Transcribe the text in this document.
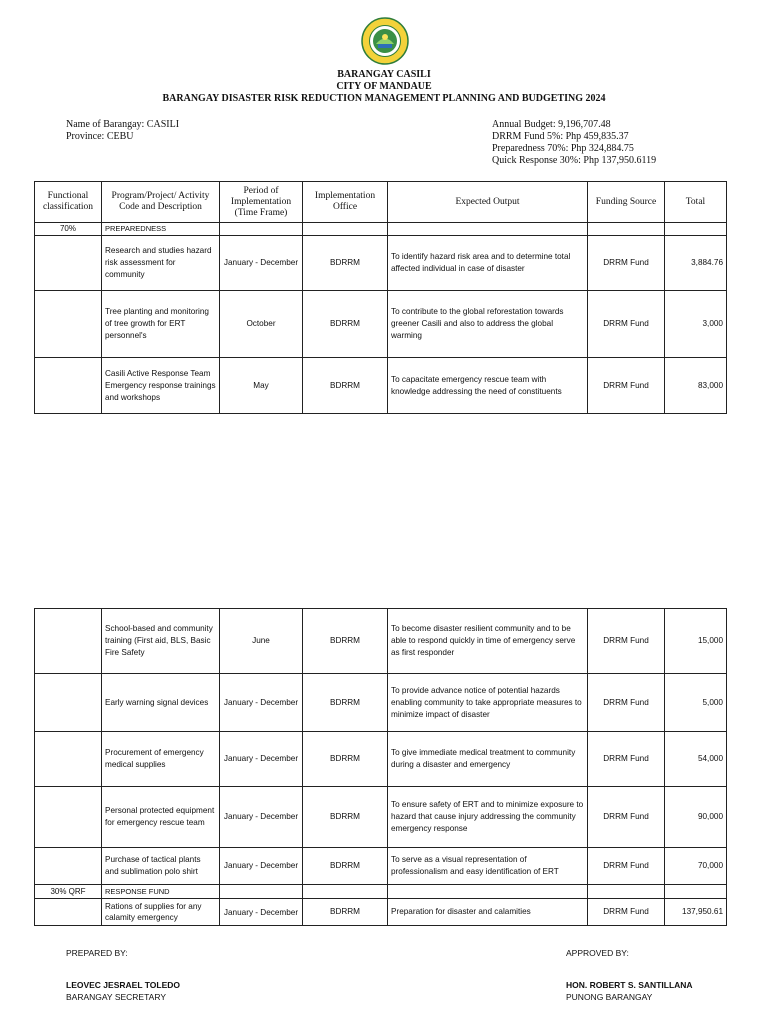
BARANGAY CASILI
CITY OF MANDAUE
BARANGAY DISASTER RISK REDUCTION MANAGEMENT PLANNING AND BUDGETING 2024
Name of Barangay: CASILI
Province: CEBU
Annual Budget: 9,196,707.48
DRRM Fund 5%: Php 459,835.37
Preparedness 70%: Php 324,884.75
Quick Response 30%: Php 137,950.6119
Functional classification	Program/Project/ Activity Code and Description	Period of Implementation (Time Frame)	Implementation Office	Expected Output	Funding Source	Total
70%	PREPAREDNESS					
	Research and studies hazard risk assessment for community	January - December	BDRRM	To identify hazard risk area and to determine total affected individual in case of disaster	DRRM Fund	3,884.76
	Tree planting and monitoring of tree growth for ERT personnel's	October	BDRRM	To contribute to the global reforestation towards greener Casili and also to address the global warming	DRRM Fund	3,000
	Casili Active Response Team Emergency response trainings and workshops	May	BDRRM	To capacitate emergency rescue team with knowledge addressing the need of constituents	DRRM Fund	83,000
	School-based and community training (First aid, BLS, Basic Fire Safety	June	BDRRM	To become disaster resilient community and to be able to respond quickly in time of emergency serve as first responder	DRRM Fund	15,000
	Early warning signal devices	January - December	BDRRM	To provide advance notice of potential hazards enabling community to take appropriate measures to minimize impact of disaster	DRRM Fund	5,000
	Procurement of emergency medical supplies	January - December	BDRRM	To give immediate medical treatment to community during a disaster and emergency	DRRM Fund	54,000
	Personal protected equipment for emergency rescue team	January - December	BDRRM	To ensure safety of ERT and to minimize exposure to hazard that cause injury addressing the community emergency response	DRRM Fund	90,000
	Purchase of tactical plants and sublimation polo shirt	January - December	BDRRM	To serve as a visual representation of professionalism and easy identification of ERT	DRRM Fund	70,000
30% QRF	RESPONSE FUND					
	Rations of supplies for any calamity emergency	January - December	BDRRM	Preparation for disaster and calamities	DRRM Fund	137,950.61
PREPARED BY:
LEOVEC JESRAEL TOLEDO
BARANGAY SECRETARY
APPROVED BY:
HON. ROBERT S. SANTILLANA
PUNONG BARANGAY
